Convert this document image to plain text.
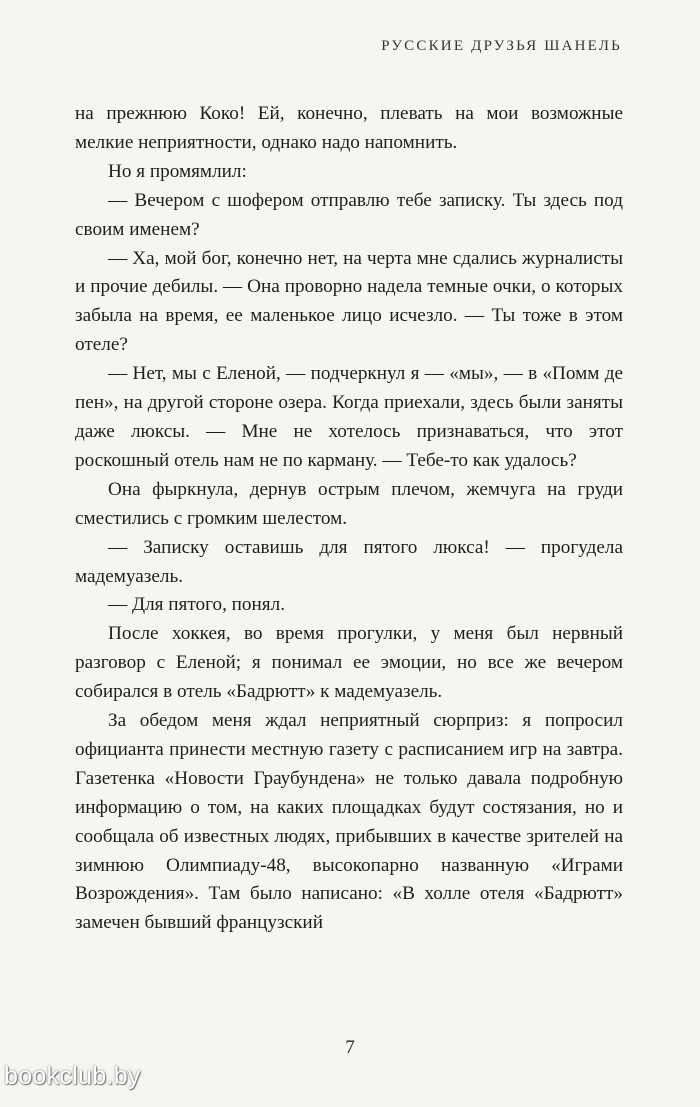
РУССКИЕ ДРУЗЬЯ ШАНЕЛЬ

на прежнюю Коко! Ей, конечно, плевать на мои возможные мелкие неприятности, однако надо напомнить.

Но я промямлил:

— Вечером с шофером отправлю тебе записку. Ты здесь под своим именем?

— Ха, мой бог, конечно нет, на черта мне сдались журналисты и прочие дебилы. — Она проворно надела темные очки, о которых забыла на время, ее маленькое лицо исчезло. — Ты тоже в этом отеле?

— Нет, мы с Еленой, — подчеркнул я — «мы», — в «Помм де пен», на другой стороне озера. Когда приехали, здесь были заняты даже люксы. — Мне не хотелось признаваться, что этот роскошный отель нам не по карману. — Тебе-то как удалось?

Она фыркнула, дернув острым плечом, жемчуга на груди сместились с громким шелестом.

— Записку оставишь для пятого люкса! — прогудела мадемуазель.

— Для пятого, понял.

После хоккея, во время прогулки, у меня был нервный разговор с Еленой; я понимал ее эмоции, но все же вечером собирался в отель «Бадрютт» к мадемуазель.

За обедом меня ждал неприятный сюрприз: я попросил официанта принести местную газету с расписанием игр на завтра. Газетенка «Новости Граубундена» не только давала подробную информацию о том, на каких площадках будут состязания, но и сообщала об известных людях, прибывших в качестве зрителей на зимнюю Олимпиаду-48, высокопарно названную «Играми Возрождения». Там было написано: «В холле отеля «Бадрютт» замечен бывший французский

7
bookclub.by
